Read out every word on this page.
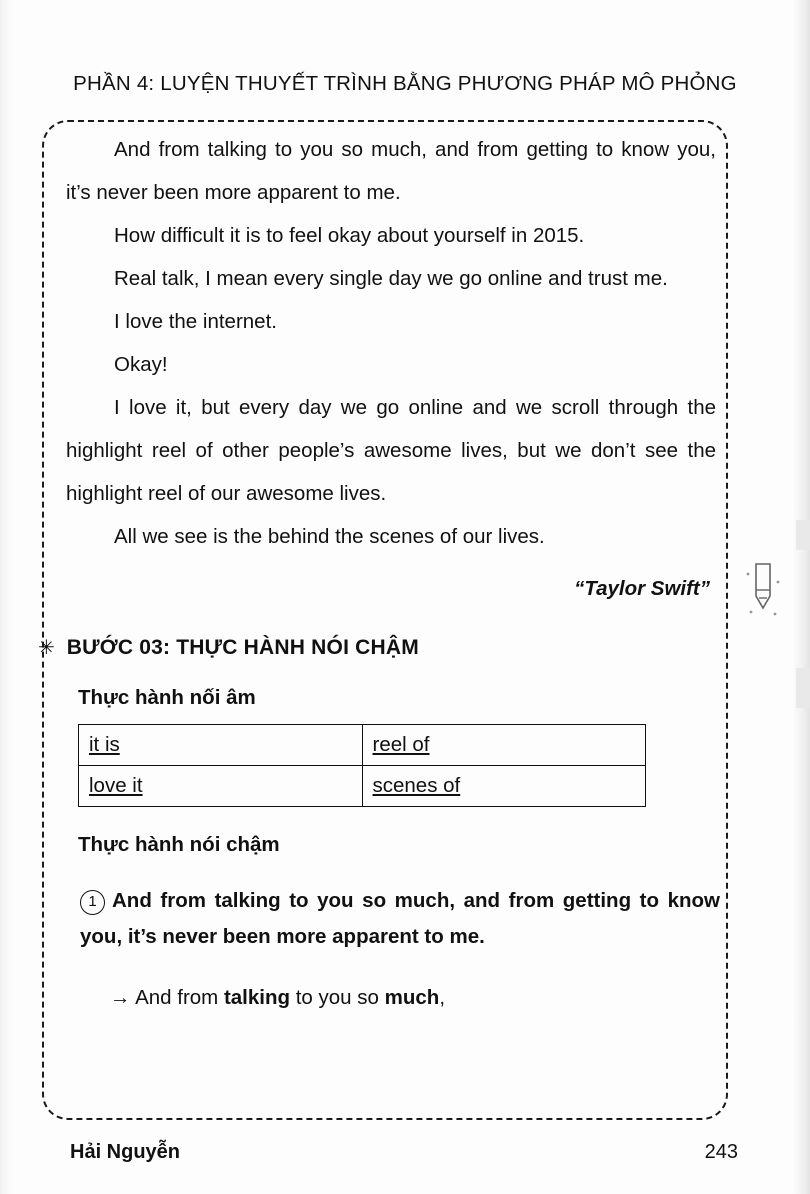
PHẦN 4: LUYỆN THUYẾT TRÌNH BẰNG PHƯƠNG PHÁP MÔ PHỎNG

And from talking to you so much, and from getting to know you, it’s never been more apparent to me.

How difficult it is to feel okay about yourself in 2015.

Real talk, I mean every single day we go online and trust me.

I love the internet.

Okay!

I love it, but every day we go online and we scroll through the highlight reel of other people’s awesome lives, but we don’t see the highlight reel of our awesome lives.

All we see is the behind the scenes of our lives.

“Taylor Swift”
✳ BƯỚC 03: THỰC HÀNH NÓI CHẬM
Thực hành nối âm
it is	reel of
love it	scenes of
Thực hành nói chậm
1 And from talking to you so much, and from getting to know you, it’s never been more apparent to me.
→ And from talking to you so much,
Hải Nguyễn	243
